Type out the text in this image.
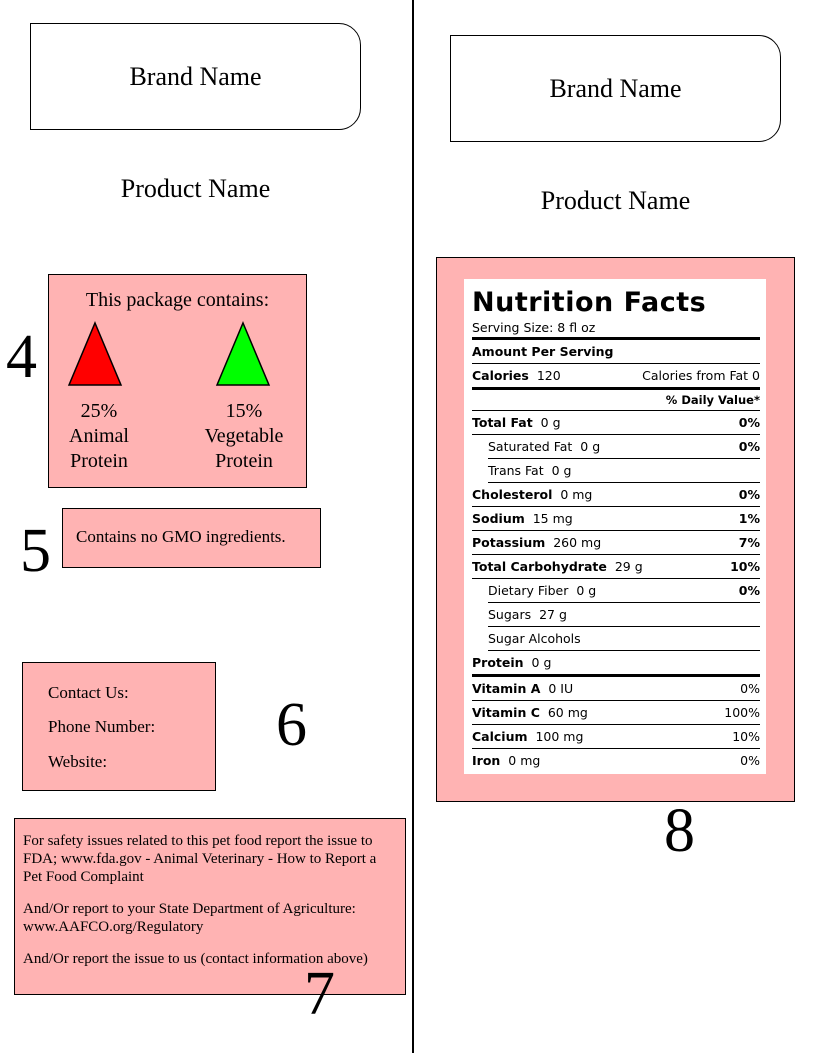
Brand Name
Product Name
4
This package contains:
25%
Animal
Protein
15%
Vegetable
Protein
5 Contains no GMO ingredients.
Contact Us:
Phone Number:
Website:
6

For safety issues related to this pet food report the issue to FDA; www.fda.gov - Animal Veterinary - How to Report a Pet Food Complaint

And/Or report to your State Department of Agriculture: www.AAFCO.org/Regulatory

And/Or report the issue to us (contact information above)

7
Brand Name
Product Name
Nutrition Facts
Serving Size: 8 fl oz
Amount Per Serving
Calories 120	Calories from Fat 0
% Daily Value*
Total Fat 0 g	0%
Saturated Fat 0 g	0%
Trans Fat 0 g
Cholesterol 0 mg	0%
Sodium 15 mg	1%
Potassium 260 mg	7%
Total Carbohydrate 29 g	10%
Dietary Fiber 0 g	0%
Sugars 27 g
Sugar Alcohols
Protein 0 g
Vitamin A 0 IU	0%
Vitamin C 60 mg	100%
Calcium 100 mg	10%
Iron 0 mg	0%
8
